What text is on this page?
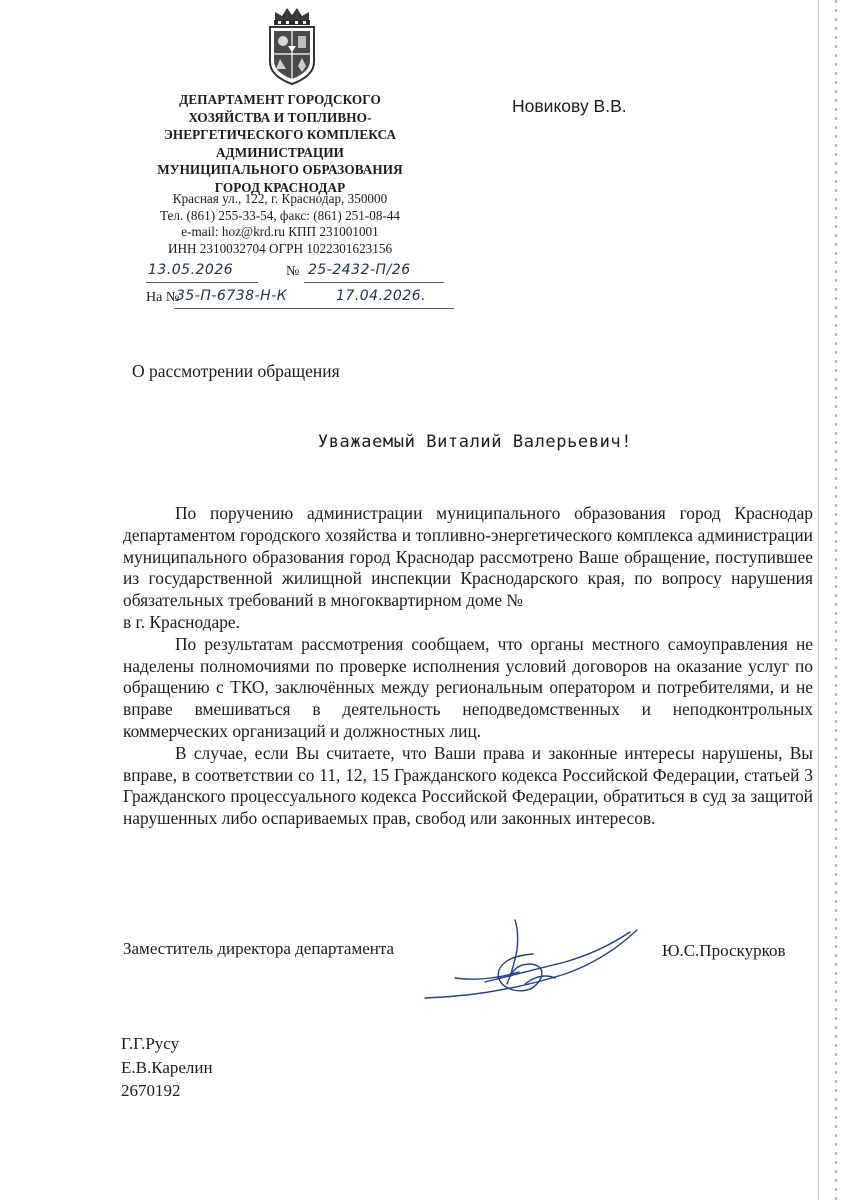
ДЕПАРТАМЕНТ ГОРОДСКОГО
ХОЗЯЙСТВА И ТОПЛИВНО-
ЭНЕРГЕТИЧЕСКОГО КОМПЛЕКСА
АДМИНИСТРАЦИИ
МУНИЦИПАЛЬНОГО ОБРАЗОВАНИЯ
ГОРОД КРАСНОДАР
Красная ул., 122, г. Краснодар, 350000
Тел. (861) 255-33-54, факс: (861) 251-08-44
e-mail: hoz@krd.ru КПП 231001001
ИНН 2310032704 ОГРН 1022301623156
Новикову В.В.
13.05.2026	№ 25-2432-П/26
На №
35-П-6738-Н-К	17.04.2026.
О рассмотрении обращения
Уважаемый Виталий Валерьевич!

По поручению администрации муниципального образования город Краснодар департаментом городского хозяйства и топливно-энергетического комплекса администрации муниципального образования город Краснодар рассмотрено Ваше обращение, поступившее из государственной жилищной инспекции Краснодарского края, по вопросу нарушения обязательных требований в многоквартирном доме №

в г. Краснодаре.

По результатам рассмотрения сообщаем, что органы местного самоуправления не наделены полномочиями по проверке исполнения условий договоров на оказание услуг по обращению с ТКО, заключённых между региональным оператором и потребителями, и не вправе вмешиваться в деятельность неподведомственных и неподконтрольных коммерческих организаций и должностных лиц.

В случае, если Вы считаете, что Ваши права и законные интересы нарушены, Вы вправе, в соответствии со 11, 12, 15 Гражданского кодекса Российской Федерации, статьей 3 Гражданского процессуального кодекса Российской Федерации, обратиться в суд за защитой нарушенных либо оспариваемых прав, свобод или законных интересов.

Заместитель директора департамента	Ю.С.Проскурков
Г.Г.Русу
Е.В.Карелин
2670192
